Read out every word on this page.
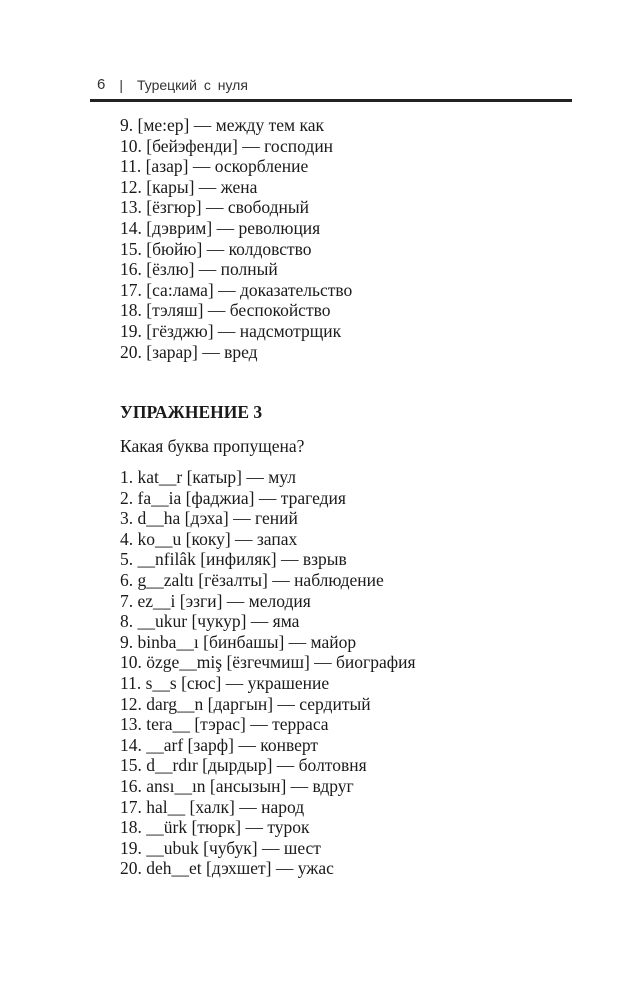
6 | Турецкий с нуля
9. [ме:ер] — между тем как
10. [бейэфенди] — господин
11. [азар] — оскорбление
12. [кары] — жена
13. [ёзгюр] — свободный
14. [дэврим] — революция
15. [бюйю] — колдовство
16. [ёзлю] — полный
17. [са:лама] — доказательство
18. [тэляш] — беспокойство
19. [гёзджю] — надсмотрщик
20. [зарар] — вред
УПРАЖНЕНИЕ 3
Какая буква пропущена?
1. kat__r [катыр] — мул
2. fa__ia [фаджиа] — трагедия
3. d__ha [дэха] — гений
4. ko__u [коку] — запах
5. __nfilâk [инфиляк] — взрыв
6. g__zaltı [гёзалты] — наблюдение
7. ez__i [эзги] — мелодия
8. __ukur [чукур] — яма
9. binba__ı [бинбашы] — майор
10. özge__miş [ёзгечмиш] — биография
11. s__s [сюс] — украшение
12. darg__n [даргын] — сердитый
13. tera__ [тэрас] — терраса
14. __arf [зарф] — конверт
15. d__rdır [дырдыр] — болтовня
16. ansı__ın [ансызын] — вдруг
17. hal__ [халк] — народ
18. __ürk [тюрк] — турок
19. __ubuk [чубук] — шест
20. deh__et [дэхшет] — ужас
